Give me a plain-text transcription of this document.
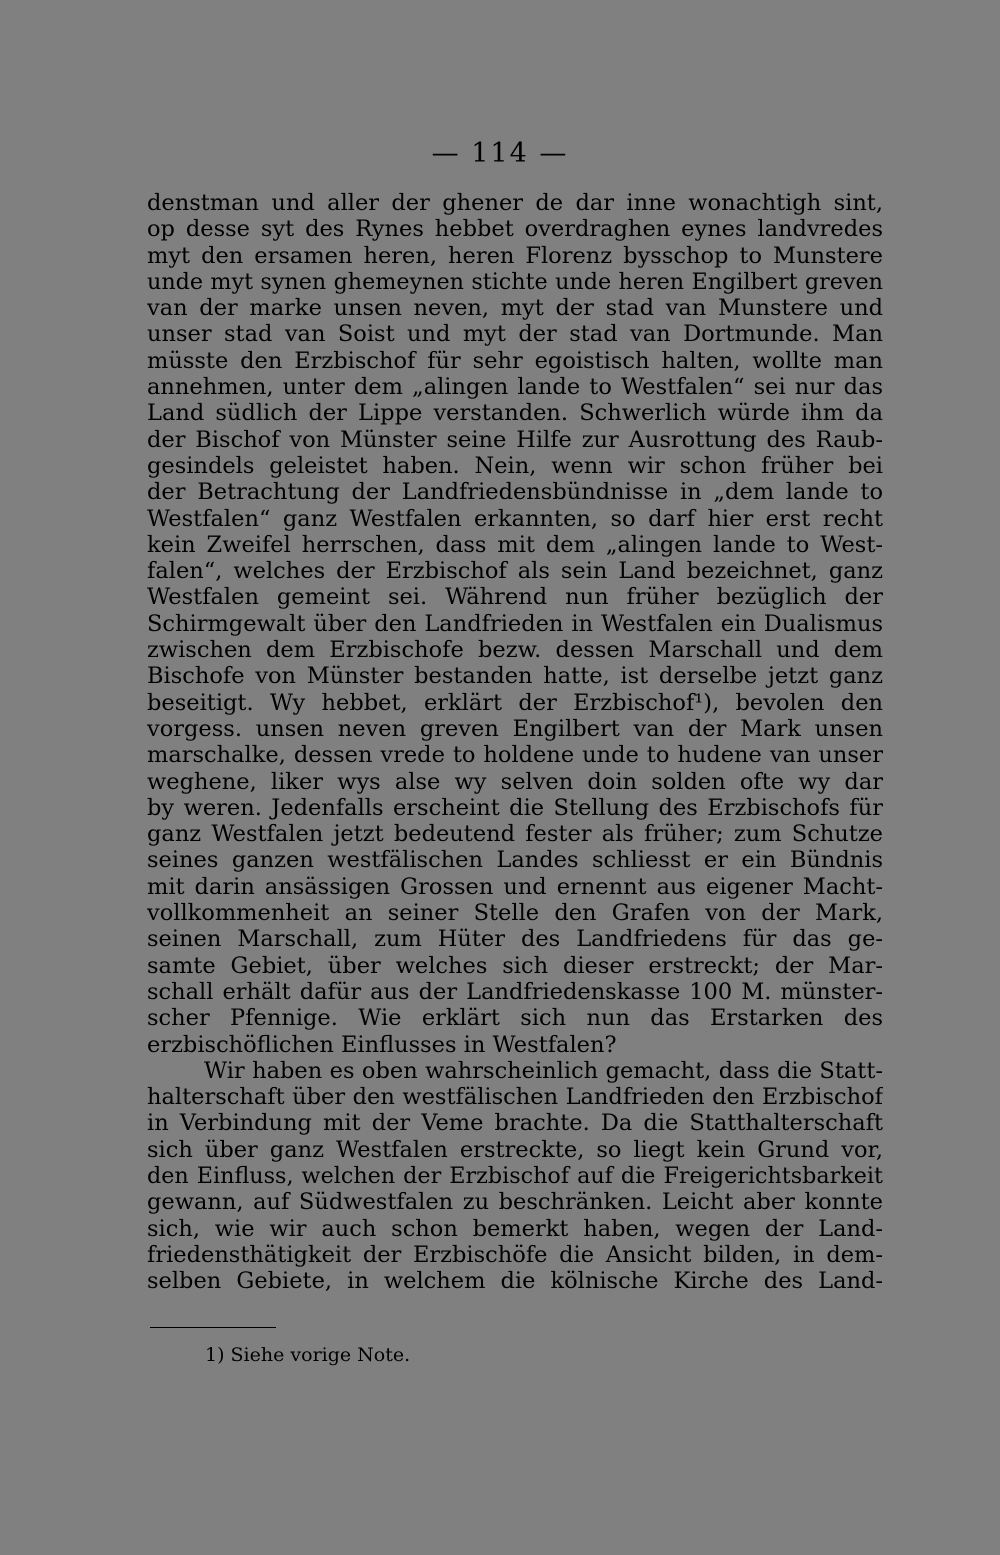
— 114 —
denstman und aller der ghener de dar inne wonachtigh sint,
op desse syt des Rynes hebbet overdraghen eynes landvredes
myt den ersamen heren, heren Florenz bysschop to Munstere
unde myt synen ghemeynen stichte unde heren Engilbert greven
van der marke unsen neven, myt der stad van Munstere und
unser stad van Soist und myt der stad van Dortmunde. Man
müsste den Erzbischof für sehr egoistisch halten, wollte man
annehmen, unter dem „alingen lande to Westfalen“ sei nur das
Land südlich der Lippe verstanden. Schwerlich würde ihm da
der Bischof von Münster seine Hilfe zur Ausrottung des Raub-
gesindels geleistet haben. Nein, wenn wir schon früher bei
der Betrachtung der Landfriedensbündnisse in „dem lande to
Westfalen“ ganz Westfalen erkannten, so darf hier erst recht
kein Zweifel herrschen, dass mit dem „alingen lande to West-
falen“, welches der Erzbischof als sein Land bezeichnet, ganz
Westfalen gemeint sei. Während nun früher bezüglich der
Schirmgewalt über den Landfrieden in Westfalen ein Dualismus
zwischen dem Erzbischofe bezw. dessen Marschall und dem
Bischofe von Münster bestanden hatte, ist derselbe jetzt ganz
beseitigt. Wy hebbet, erklärt der Erzbischof¹), bevolen den
vorgess. unsen neven greven Engilbert van der Mark unsen
marschalke, dessen vrede to holdene unde to hudene van unser
weghene, liker wys alse wy selven doin solden ofte wy dar
by weren. Jedenfalls erscheint die Stellung des Erzbischofs für
ganz Westfalen jetzt bedeutend fester als früher; zum Schutze
seines ganzen westfälischen Landes schliesst er ein Bündnis
mit darin ansässigen Grossen und ernennt aus eigener Macht-
vollkommenheit an seiner Stelle den Grafen von der Mark,
seinen Marschall, zum Hüter des Landfriedens für das ge-
samte Gebiet, über welches sich dieser erstreckt; der Mar-
schall erhält dafür aus der Landfriedenskasse 100 M. münster-
scher Pfennige. Wie erklärt sich nun das Erstarken des
erzbischöflichen Einflusses in Westfalen?
Wir haben es oben wahrscheinlich gemacht, dass die Statt-
halterschaft über den westfälischen Landfrieden den Erzbischof
in Verbindung mit der Veme brachte. Da die Statthalterschaft
sich über ganz Westfalen erstreckte, so liegt kein Grund vor,
den Einfluss, welchen der Erzbischof auf die Freigerichtsbarkeit
gewann, auf Südwestfalen zu beschränken. Leicht aber konnte
sich, wie wir auch schon bemerkt haben, wegen der Land-
friedensthätigkeit der Erzbischöfe die Ansicht bilden, in dem-
selben Gebiete, in welchem die kölnische Kirche des Land-
1) Siehe vorige Note.
